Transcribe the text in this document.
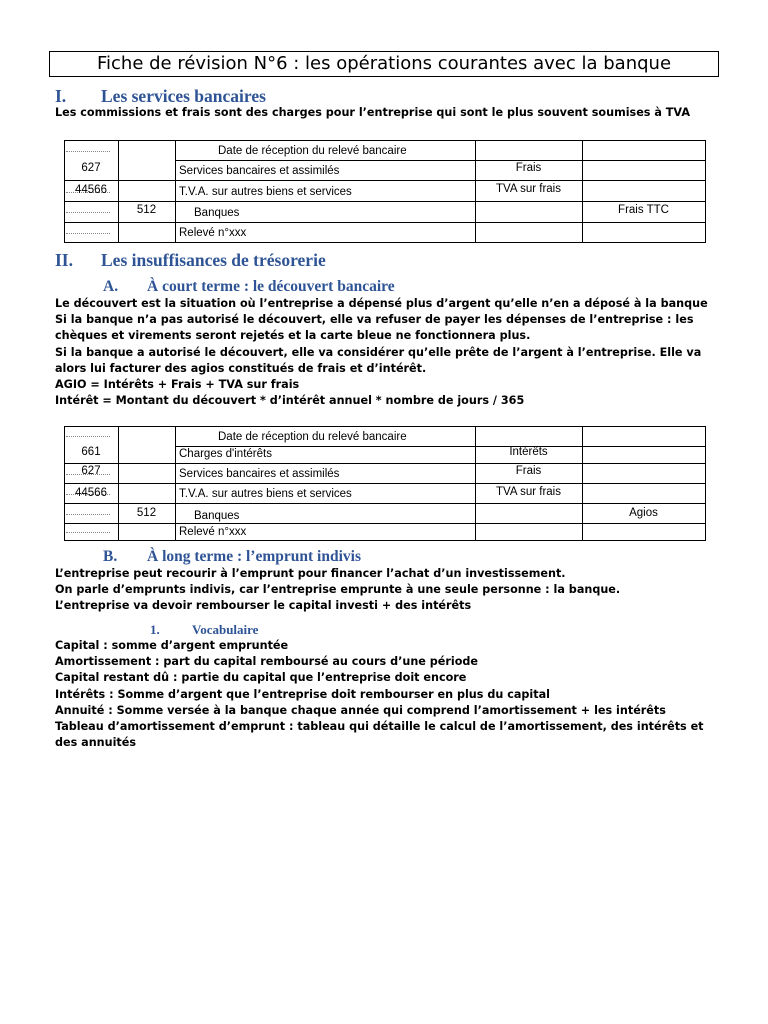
Fiche de révision N°6 : les opérations courantes avec la banque
I. Les services bancaires
Les commissions et frais sont des charges pour l’entreprise qui sont le plus souvent soumises à TVA
Date de réception du relevé bancaire
627	Services bancaires et assimilés	Frais
44566	T.V.A. sur autres biens et services	TVA sur frais
512	Banques	Frais TTC
Relevé n°xxx
II. Les insuffisances de trésorerie
A. À court terme : le découvert bancaire
Le découvert est la situation où l’entreprise a dépensé plus d’argent qu’elle n’en a déposé à la banque
Si la banque n’a pas autorisé le découvert, elle va refuser de payer les dépenses de l’entreprise : les chèques et virements seront rejetés et la carte bleue ne fonctionnera plus.
Si la banque a autorisé le découvert, elle va considérer qu’elle prête de l’argent à l’entreprise. Elle va alors lui facturer des agios constitués de frais et d’intérêt.
AGIO = Intérêts + Frais + TVA sur frais
Intérêt = Montant du découvert * d’intérêt annuel * nombre de jours / 365
Date de réception du relevé bancaire
661	Charges d'intérêts	Intérêts
627	Services bancaires et assimilés	Frais
44566	T.V.A. sur autres biens et services	TVA sur frais
512	Banques	Agios
Relevé n°xxx
B. À long terme : l’emprunt indivis
L’entreprise peut recourir à l’emprunt pour financer l’achat d’un investissement.
On parle d’emprunts indivis, car l’entreprise emprunte à une seule personne : la banque.
L’entreprise va devoir rembourser le capital investi + des intérêts
1. Vocabulaire
Capital : somme d’argent empruntée
Amortissement : part du capital remboursé au cours d’une période
Capital restant dû : partie du capital que l’entreprise doit encore
Intérêts : Somme d’argent que l’entreprise doit rembourser en plus du capital
Annuité : Somme versée à la banque chaque année qui comprend l’amortissement + les intérêts
Tableau d’amortissement d’emprunt : tableau qui détaille le calcul de l’amortissement, des intérêts et des annuités
